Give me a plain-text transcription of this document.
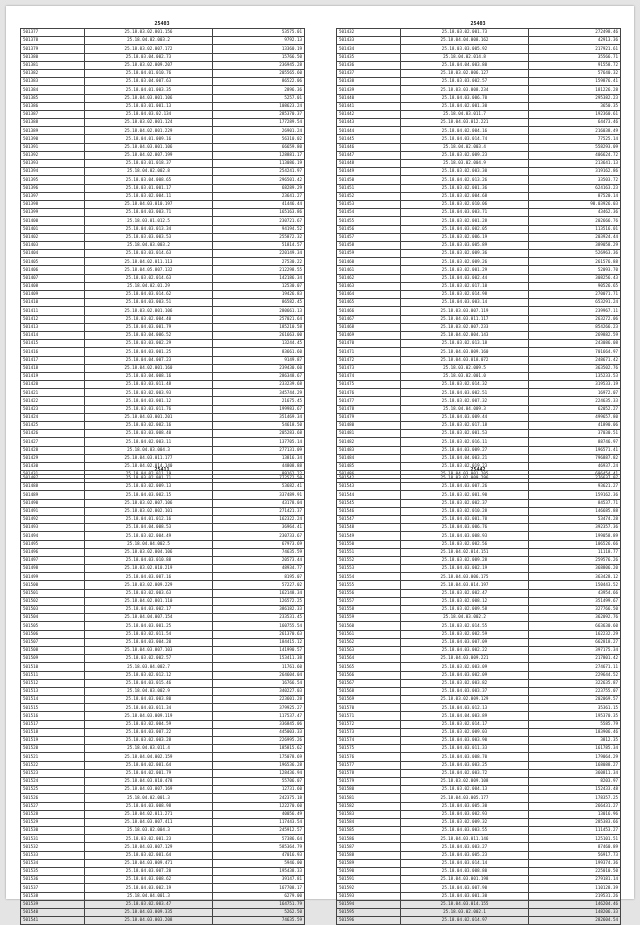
25403
501377	25.18.03.02.001.156	53575.01
501378	25.18.04.02.003.2	9792.13
501379	25.18.03.02.007.172	13360.19
501380	25.18.03.04.002.73	15766.50
501381	25.18.03.02.009.207	236945.28
501382	25.18.04.01.010.76	205565.60
501383	25.18.03.04.007.63	86522.06
501384	25.18.04.01.003.35	2896.36
501385	25.18.04.03.001.106	5257.01
501386	25.18.03.01.001.13	108623.24
501387	25.18.04.03.02.134	285370.37
501388	25.18.03.02.001.124	177289.54
501389	25.18.04.02.001.229	26901.24
501390	25.18.04.01.009.16	56310.02
501391	25.18.04.03.001.106	66659.80
501392	25.18.04.02.007.199	128881.17
501393	25.18.03.01.018.37	113086.19
501394	25.18.04.02.002.8	254241.97
501395	25.18.03.04.008.65	296501.42
501396	25.18.03.01.001.17	68289.29
501397	25.18.03.02.004.11	23641.27
501398	25.18.04.03.010.197	41446.44
501399	25.18.04.03.003.71	165163.86
501400	25.18.03.01.012.5	230721.67
501401	25.18.04.03.013.34	94194.52
501402	25.18.03.03.003.53	255872.32
501403	25.18.04.03.003.2	51814.57
501404	25.18.03.03.014.63	220149.34
501405	25.18.04.02.011.113	27530.22
501406	25.18.04.05.007.132	212298.55
501407	25.18.03.02.014.63	142186.34
501408	25.18.04.02.01.29	12530.07
501409	25.18.04.03.014.62	19426.83
501410	25.18.04.03.003.51	86582.45
501411	25.18.03.02.001.106	280661.13
501412	25.18.03.02.004.40	257021.64
501413	25.18.04.03.001.79	185210.58
501414	25.18.03.04.006.52	261663.00
501415	25.18.03.03.002.29	13244.45
501416	25.18.04.03.001.25	83661.60
501417	25.18.04.04.007.23	9149.87
501418	25.18.04.02.001.160	239430.60
501419	25.18.03.04.008.16	286348.67
501420	25.18.03.03.011.48	233239.68
501421	25.18.03.02.003.93	345744.29
501422	25.18.04.03.001.12	21675.45
501423	25.18.03.03.011.76	199983.67
501424	25.18.04.03.001.201	351469.34
501425	25.18.03.02.002.16	54618.50
501426	25.18.03.03.008.40	205283.68
501427	25.18.04.02.003.11	137705.14
501428	25.18.04.03.004.3	277131.09
501429	25.18.04.03.011.177	13816.34
501430	25.18.04.02.014.140	44808.88
501431	25.18.04.02.011.19	89162.22
25403
501432	25.18.03.02.001.73	272498.46
501433	25.18.04.04.008.162	42913.36
501434	25.18.03.03.005.92	217921.61
501435	25.18.04.02.014.8	35566.71
501436	25.18.04.04.003.80	91558.72
501437	25.18.03.02.006.127	57640.32
501438	25.18.03.03.002.57	159876.41
501439	25.18.03.03.008.234	181226.28
501440	25.18.04.03.006.70	295382.23
501441	25.18.04.02.001.30	3650.35
501442	25.18.04.03.011.7	192360.61
501443	25.18.04.03.012.221	64473.46
501444	25.18.04.02.004.16	216038.49
501445	25.18.04.03.014.74	77525.14
501446	25.18.04.02.003.4	558293.09
501447	25.18.03.02.009.23	406624.72
501448	25.18.03.02.004.9	213641.13
501449	25.18.03.02.003.30	319162.86
501450	25.18.04.02.013.26	33503.72
501451	25.18.03.02.001.36	624163.23
501452	25.18.03.02.004.68	87520.14
501453	25.18.03.02.010.06	98.03926.03
501454	25.18.04.03.003.71	43462.36
501455	25.18.03.02.001.28	202666.76
501456	25.18.04.03.002.05	113516.01
501457	25.18.03.02.006.19	203924.44
501458	25.18.03.03.005.89	389058.29
501459	25.18.03.02.009.36	526963.36
501460	25.18.03.02.009.26	261576.88
501461	25.18.03.02.001.29	52093.70
501462	25.18.04.03.002.44	308256.43
501463	25.18.03.02.017.10	90526.65
501464	25.18.03.02.014.98	270071.71
501465	25.18.04.03.003.14	653291.24
501466	25.18.03.03.007.119	239967.11
501467	25.18.04.03.011.117	263272.06
501468	25.18.03.02.007.233	854266.23
501469	25.18.04.02.004.143	269882.59
501470	25.18.03.02.013.18	243086.08
501471	25.18.04.03.009.160	701664.97
501472	25.18.04.03.018.072	248671.42
501473	25.18.03.02.009.5	363502.76
501474	25.18.03.02.001.0	135233.53
501475	25.18.03.02.014.32	319533.19
501476	25.18.04.03.002.51	16972.07
501477	25.18.03.02.007.32	224635.33
501478	25.18.04.04.009.3	62052.27
501479	25.18.04.03.009.44	499657.80
501480	25.18.03.02.017.18	41890.06
501481	25.18.03.02.001.53	37030.51
501482	25.18.03.02.016.11	88746.97
501483	25.18.04.03.009.27	196571.41
501484	25.18.04.04.003.21	796887.82
501485	25.18.03.02.019.23	46937.24
501486	25.18.04.03.001.205	696454.41
25411
501487	25.18.03.02.001.71	772572.50
501488	25.18.03.02.009.13	53682.41
501489	25.18.04.03.002.15	337489.91
501490	25.18.03.02.007.106	43178.04
501491	25.18.03.02.002.101	271421.37
501492	25.18.04.01.012.16	162322.24
501493	25.18.04.04.008.53	36964.41
501494	25.18.03.02.004.49	230733.67
501495	25.18.04.04.002.5	67973.69
501496	25.18.03.02.004.106	74635.59
501497	25.18.04.03.010.88	20573.44
501498	25.18.03.02.010.219	48934.77
501499	25.18.04.03.007.16	8195.07
501500	25.18.03.02.009.229	57227.02
501501	25.18.03.02.003.63	162148.34
501502	25.18.04.02.001.110	126572.25
501503	25.18.04.03.002.17	386182.33
501504	25.18.04.04.007.154	233531.45
501505	25.18.04.03.001.25	160755.54
501506	25.18.03.02.011.54	261370.63
501507	25.18.04.03.004.20	184415.12
501508	25.18.04.03.007.103	141990.57
501509	25.18.03.02.002.57	153411.38
501510	25.18.03.04.002.7	11761.60
501511	25.18.03.02.012.12	264604.04
501512	25.18.04.03.015.46	16766.54
501513	25.18.04.03.002.9	340227.03
501514	25.18.04.03.003.80	223601.28
501515	25.18.04.03.011.34	379925.27
501516	25.18.04.03.009.119	117537.47
501517	25.18.03.02.004.59	336845.06
501518	25.18.04.03.007.22	445003.33
501519	25.18.03.02.003.28	226995.26
501520	25.18.04.03.011.4	185815.62
501521	25.18.04.04.002.159	175078.69
501522	25.18.04.02.001.64	196536.28
501523	25.18.04.02.001.79	128436.94
501524	25.18.04.03.010.478	55706.07
501525	25.18.04.03.007.169	12731.60
501526	25.18.04.02.001.3	242375.18
501527	25.18.04.03.008.98	122270.60
501528	25.18.04.02.011.271	40056.49
501529	25.18.04.03.007.411	117443.54
501530	25.18.03.02.004.3	245912.57
501531	25.18.03.02.001.23	57386.64
501532	25.18.04.03.007.129	585364.79
501533	25.18.03.02.001.64	47016.93
501534	25.18.04.03.009.471	5946.00
501535	25.18.04.03.007.28	195438.33
501536	25.18.04.03.008.62	39147.81
501537	25.18.04.03.002.19	167708.17
501538	25.18.04.04.001.3	6279.00
501539	25.18.03.02.003.47	164751.79
501540	25.18.04.03.009.335	5262.50
501541	25.18.04.03.003.208	74635.59
25442
501542	25.18.03.02.009.296	276637.07
501543	25.18.04.03.007.26	93621.27
501544	25.18.03.02.001.90	159162.36
501545	25.18.03.02.002.37	84537.71
501546	25.18.03.02.010.28	146685.88
501547	25.18.04.03.001.70	53474.28
501548	25.18.04.03.006.76	392357.36
501549	25.18.04.03.008.93	199058.89
501550	25.18.03.02.002.56	106526.66
501551	25.18.04.02.014.151	11118.77
501552	25.18.03.02.009.28	259576.26
501553	25.18.04.03.002.19	368806.20
501554	25.18.04.03.006.175	363428.12
501555	25.18.04.03.014.197	150443.52
501556	25.18.03.02.002.47	43954.66
501557	25.18.03.02.008.12	351499.67
501558	25.18.03.02.009.58	327766.50
501559	25.18.04.03.002.2	362092.76
501560	25.18.03.02.014.55	663630.60
501561	25.18.03.02.002.59	162232.29
501562	25.18.04.03.007.09	662818.27
501563	25.18.04.03.002.22	397175.34
501564	25.18.04.03.009.221	217801.42
501565	25.18.03.02.003.09	274671.11
501566	25.18.04.03.002.09	229644.52
501567	25.18.03.02.003.82	322635.87
501568	25.18.04.03.003.37	223755.07
501569	25.18.03.02.009.129	202069.57
501570	25.18.04.03.012.13	35361.15
501571	25.18.04.04.003.89	195370.35
501572	25.18.03.02.014.17	5585.79
501573	25.18.03.02.009.03	183906.46
501574	25.18.04.03.003.90	3812.35
501575	25.18.04.03.011.33	161785.34
501576	25.18.04.03.008.70	179064.29
501577	25.18.04.03.003.25	168088.27
501578	25.18.04.02.003.72	360811.34
501579	25.18.03.02.009.108	8203.97
501580	25.18.03.02.004.13	152433.48
501581	25.18.04.03.005.177	178357.25
501582	25.18.04.03.005.30	266431.27
501583	25.18.04.03.002.93	13016.96
501584	25.18.03.02.009.32	285383.66
501585	25.18.04.03.003.55	111453.27
501586	25.18.04.03.011.146	125101.51
501587	25.18.04.03.003.27	87460.89
501588	25.18.04.03.005.23	56917.73
501589	25.18.04.03.014.14	199374.36
501590	25.18.04.03.008.80	225010.50
501591	25.18.04.03.001.198	279181.14
501592	25.18.04.03.007.90	110128.39
501593	25.18.04.03.001.30	219531.26
501594	25.18.04.03.014.155	146204.46
501595	25.18.03.02.002.1	148206.33
501596	25.18.04.02.014.97	282604.54
